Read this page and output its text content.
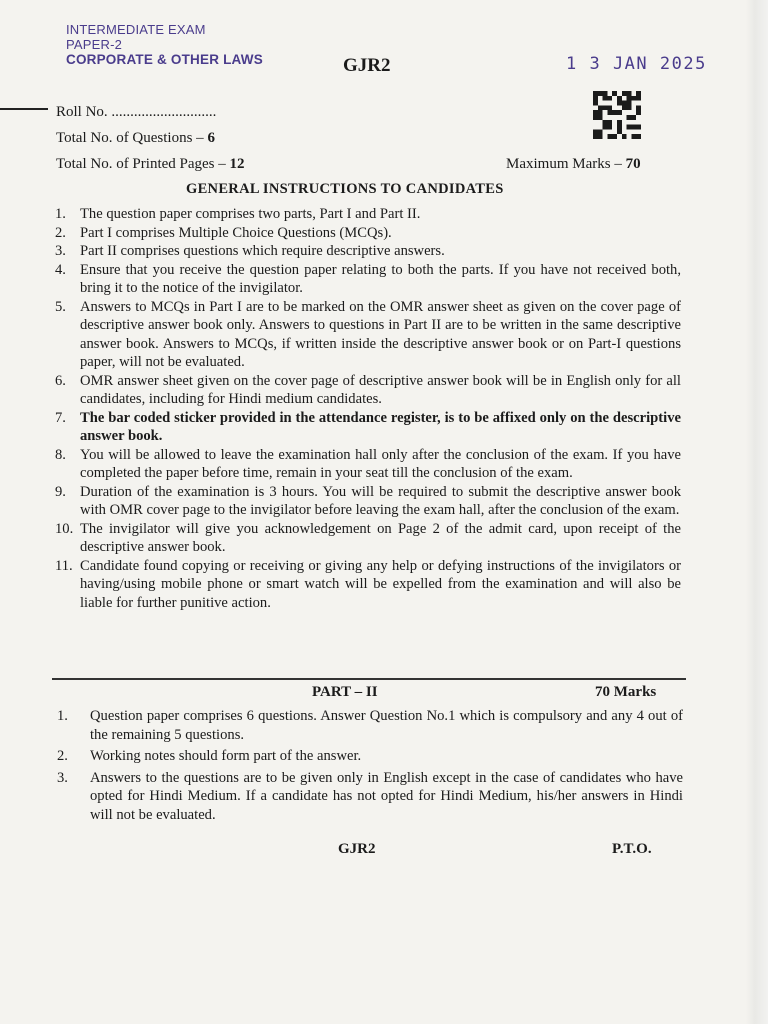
INTERMEDIATE EXAM
PAPER-2
CORPORATE & OTHER LAWS	GJR2	1 3 JAN 2025
Roll No. ............................
Total No. of Questions – 6
Total No. of Printed Pages – 12	Maximum Marks – 70
GENERAL INSTRUCTIONS TO CANDIDATES
1. The question paper comprises two parts, Part I and Part II.
2. Part I comprises Multiple Choice Questions (MCQs).
3. Part II comprises questions which require descriptive answers.
4. Ensure that you receive the question paper relating to both the parts. If you have not received both, bring it to the notice of the invigilator.
5. Answers to MCQs in Part I are to be marked on the OMR answer sheet as given on the cover page of descriptive answer book only. Answers to questions in Part II are to be written in the same descriptive answer book. Answers to MCQs, if written inside the descriptive answer book or on Part-I questions paper, will not be evaluated.
6. OMR answer sheet given on the cover page of descriptive answer book will be in English only for all candidates, including for Hindi medium candidates.
7. The bar coded sticker provided in the attendance register, is to be affixed only on the descriptive answer book.
8. You will be allowed to leave the examination hall only after the conclusion of the exam. If you have completed the paper before time, remain in your seat till the conclusion of the exam.
9. Duration of the examination is 3 hours. You will be required to submit the descriptive answer book with OMR cover page to the invigilator before leaving the exam hall, after the conclusion of the exam.
10. The invigilator will give you acknowledgement on Page 2 of the admit card, upon receipt of the descriptive answer book.
11. Candidate found copying or receiving or giving any help or defying instructions of the invigilators or having/using mobile phone or smart watch will be expelled from the examination and will also be liable for further punitive action.
PART – II	70 Marks
1.	Question paper comprises 6 questions. Answer Question No.1 which is compulsory and any 4 out of the remaining 5 questions.
2.	Working notes should form part of the answer.
3.	Answers to the questions are to be given only in English except in the case of candidates who have opted for Hindi Medium. If a candidate has not opted for Hindi Medium, his/her answers in Hindi will not be evaluated.
GJR2	P.T.O.
